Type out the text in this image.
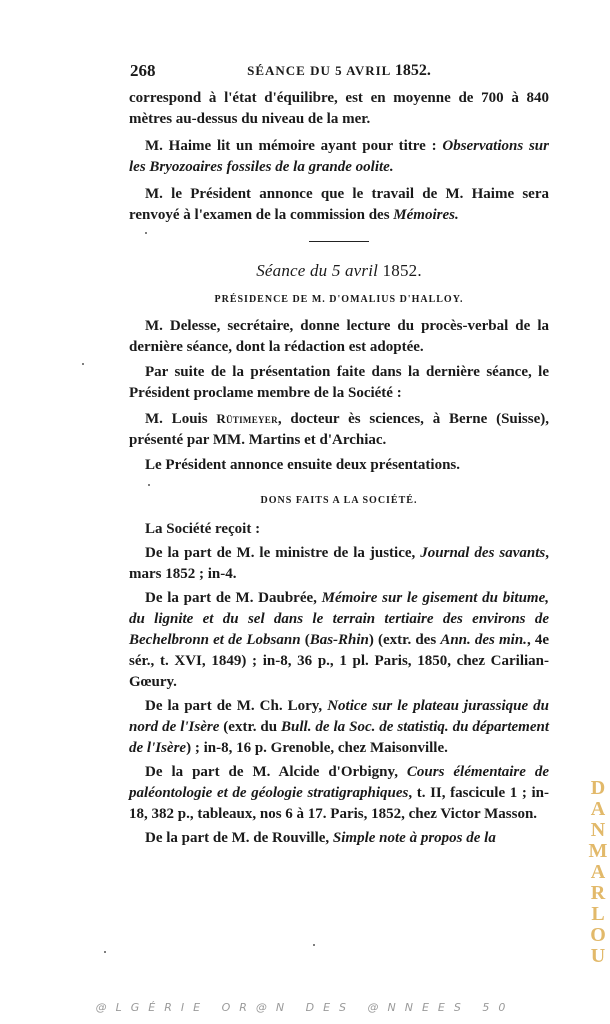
268	SÉANCE DU 5 AVRIL 1852.

correspond à l'état d'équilibre, est en moyenne de 700 à 840 mètres au-dessus du niveau de la mer.

M. Haime lit un mémoire ayant pour titre : Observations sur les Bryozoaires fossiles de la grande oolite.

M. le Président annonce que le travail de M. Haime sera renvoyé à l'examen de la commission des Mémoires.

Séance du 5 avril 1852.
PRÉSIDENCE DE M. D'OMALIUS D'HALLOY.

M. Delesse, secrétaire, donne lecture du procès-verbal de la dernière séance, dont la rédaction est adoptée.

Par suite de la présentation faite dans la dernière séance, le Président proclame membre de la Société :

M. Louis Rütimeyer, docteur ès sciences, à Berne (Suisse), présenté par MM. Martins et d'Archiac.

Le Président annonce ensuite deux présentations.

DONS FAITS A LA SOCIÉTÉ.

La Société reçoit :

De la part de M. le ministre de la justice, Journal des savants, mars 1852 ; in-4.

De la part de M. Daubrée, Mémoire sur le gisement du bitume, du lignite et du sel dans le terrain tertiaire des environs de Bechelbronn et de Lobsann (Bas-Rhin) (extr. des Ann. des min., 4e sér., t. XVI, 1849) ; in-8, 36 p., 1 pl. Paris, 1850, chez Carilian-Gœury.

De la part de M. Ch. Lory, Notice sur le plateau jurassique du nord de l'Isère (extr. du Bull. de la Soc. de statistiq. du département de l'Isère) ; in-8, 16 p. Grenoble, chez Maisonville.

De la part de M. Alcide d'Orbigny, Cours élémentaire de paléontologie et de géologie stratigraphiques, t. II, fascicule 1 ; in-18, 382 p., tableaux, nos 6 à 17. Paris, 1852, chez Victor Masson.

De la part de M. de Rouville, Simple note à propos de la

D
A
N
M
A
R
L
O
U
@LGÉRIE OR@N DES @NNEES 50
